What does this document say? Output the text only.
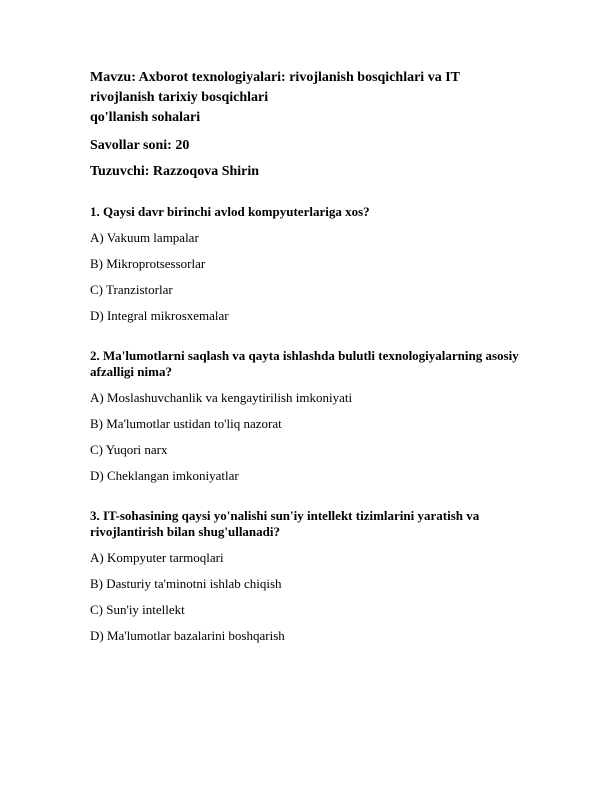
Mavzu: Axborot texnologiyalari: rivojlanish bosqichlari va IT
rivojlanish tarixiy bosqichlari
qo'llanish sohalari

Savollar soni: 20

Tuzuvchi: Razzoqova Shirin

1. Qaysi davr birinchi avlod kompyuterlariga xos?

A) Vakuum lampalar

B) Mikroprotsessorlar

C) Tranzistorlar

D) Integral mikrosxemalar

2. Ma'lumotlarni saqlash va qayta ishlashda bulutli texnologiyalarning asosiy afzalligi nima?

A) Moslashuvchanlik va kengaytirilish imkoniyati

B) Ma'lumotlar ustidan to'liq nazorat

C) Yuqori narx

D) Cheklangan imkoniyatlar

3. IT-sohasining qaysi yo'nalishi sun'iy intellekt tizimlarini yaratish va rivojlantirish bilan shug'ullanadi?

A) Kompyuter tarmoqlari

B) Dasturiy ta'minotni ishlab chiqish

C) Sun'iy intellekt

D) Ma'lumotlar bazalarini boshqarish
